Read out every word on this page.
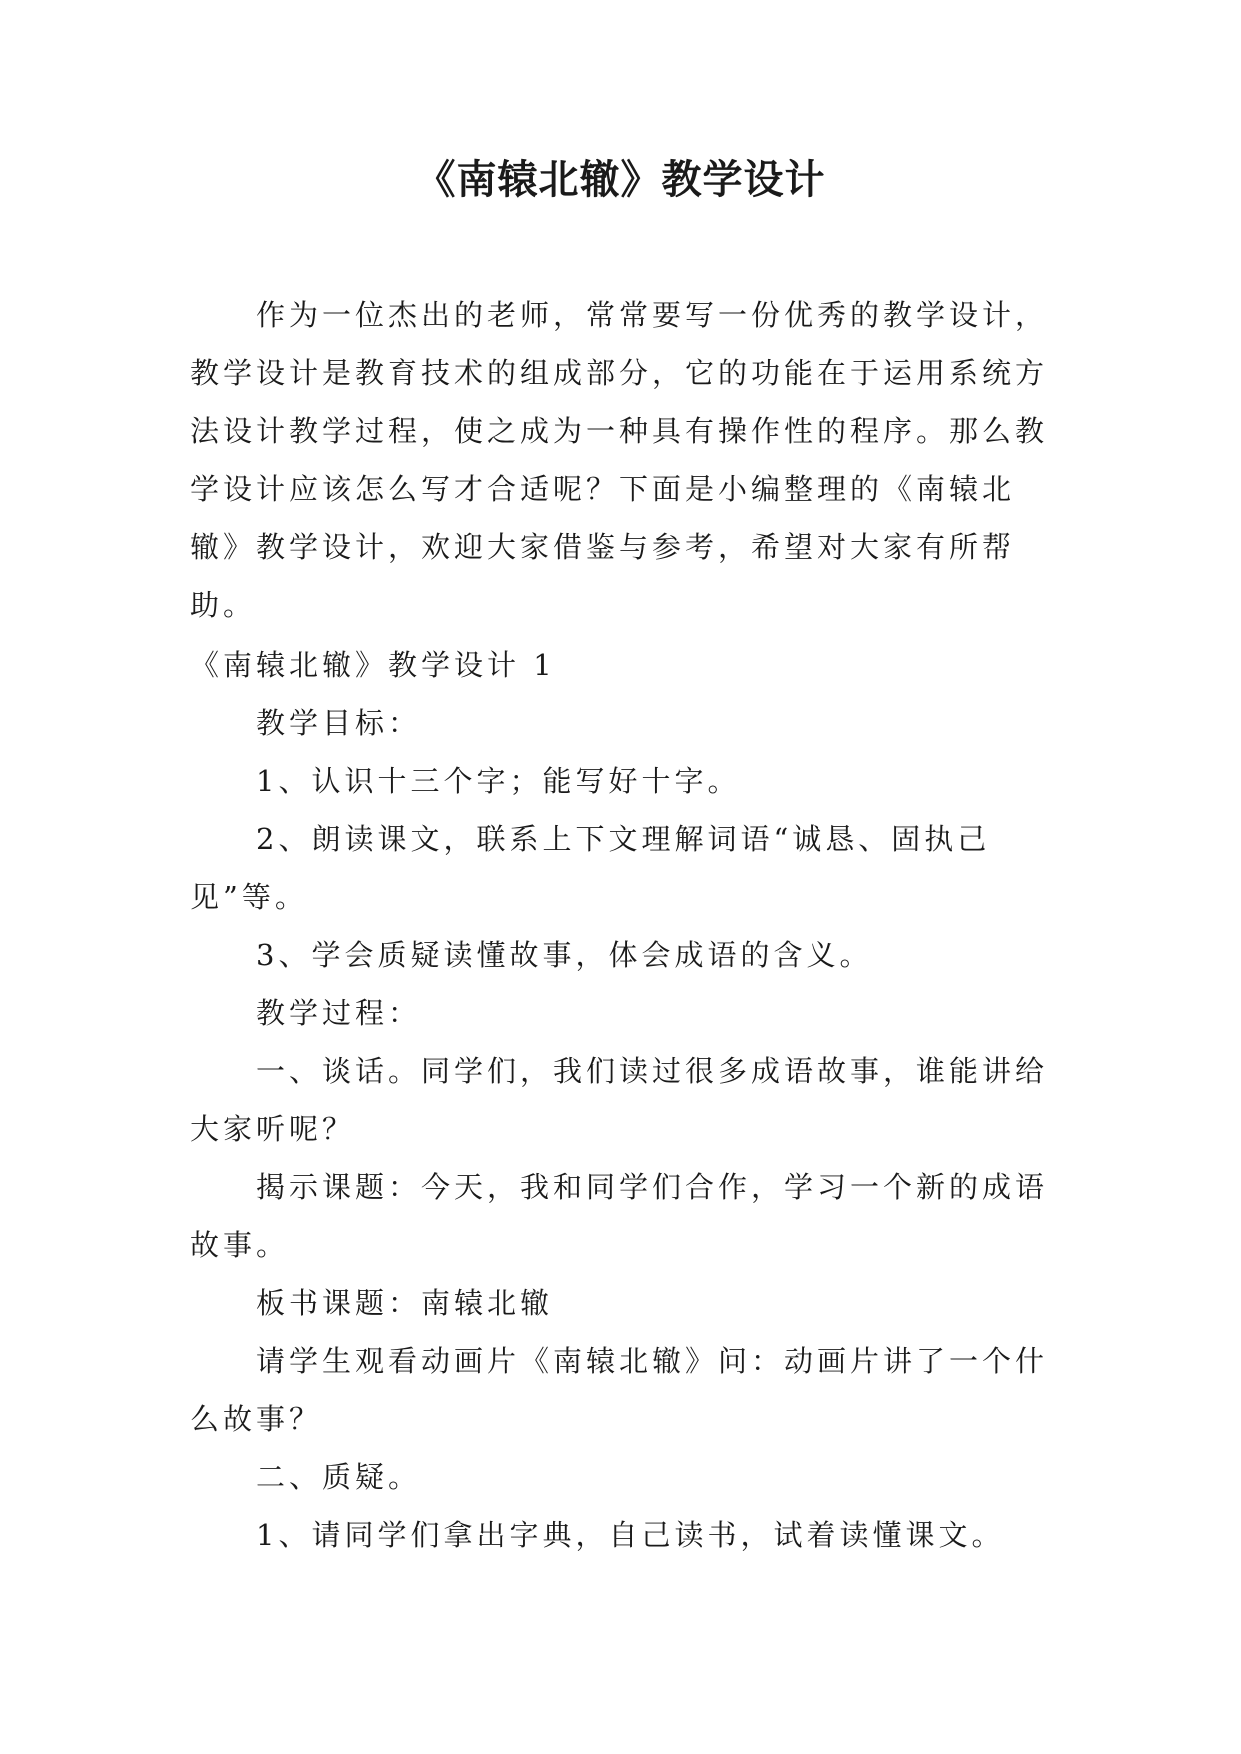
《南辕北辙》教学设计

作为一位杰出的老师，常常要写一份优秀的教学设计，教学设计是教育技术的组成部分，它的功能在于运用系统方法设计教学过程，使之成为一种具有操作性的程序。那么教学设计应该怎么写才合适呢？下面是小编整理的《南辕北辙》教学设计，欢迎大家借鉴与参考，希望对大家有所帮助。

《南辕北辙》教学设计 1

教学目标：

1、认识十三个字；能写好十字。

2、朗读课文，联系上下文理解词语“诚恳、固执己见”等。

3、学会质疑读懂故事，体会成语的含义。

教学过程：

一、谈话。同学们，我们读过很多成语故事，谁能讲给大家听呢？

揭示课题：今天，我和同学们合作，学习一个新的成语故事。

板书课题：南辕北辙

请学生观看动画片《南辕北辙》问：动画片讲了一个什么故事？

二、质疑。

1、请同学们拿出字典，自己读书，试着读懂课文。
